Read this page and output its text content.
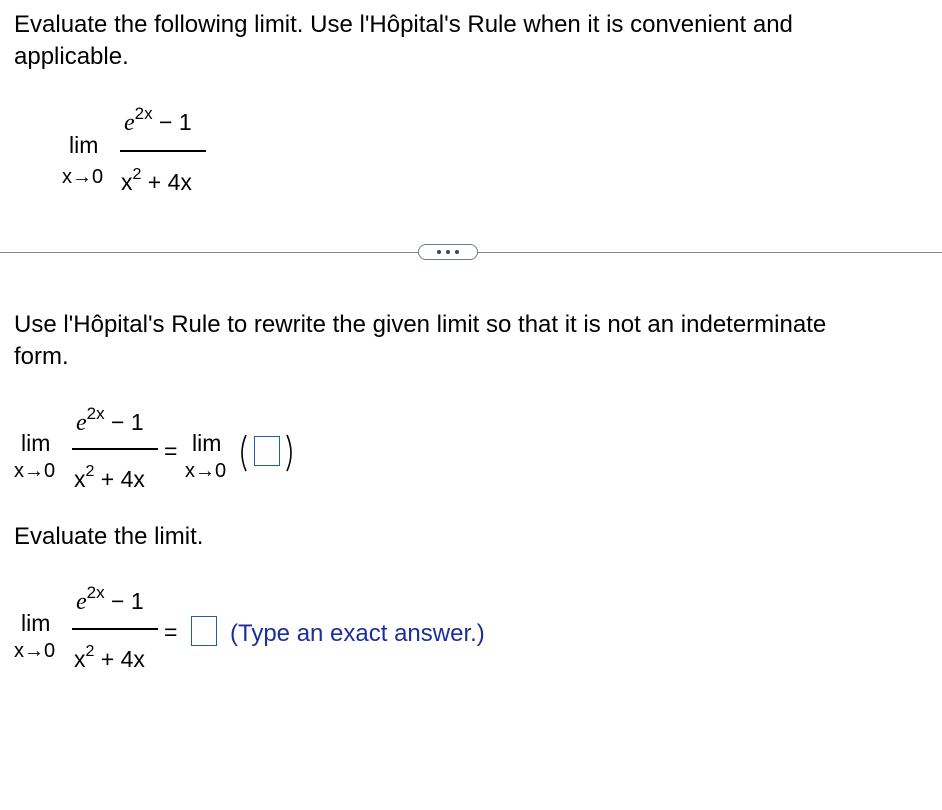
Evaluate the following limit. Use l'Hôpital's Rule when it is convenient and
applicable.
lim
x→0
$e^{2x} - 1$
$x^2 + 4x$
Use l'Hôpital's Rule to rewrite the given limit so that it is not an indeterminate
form.
lim
x→0
$e^{2x} - 1$
$x^2 + 4x$
= lim
x→0
Evaluate the limit.
lim
x→0
$e^{2x} - 1$
$x^2 + 4x$
= (Type an exact answer.)
